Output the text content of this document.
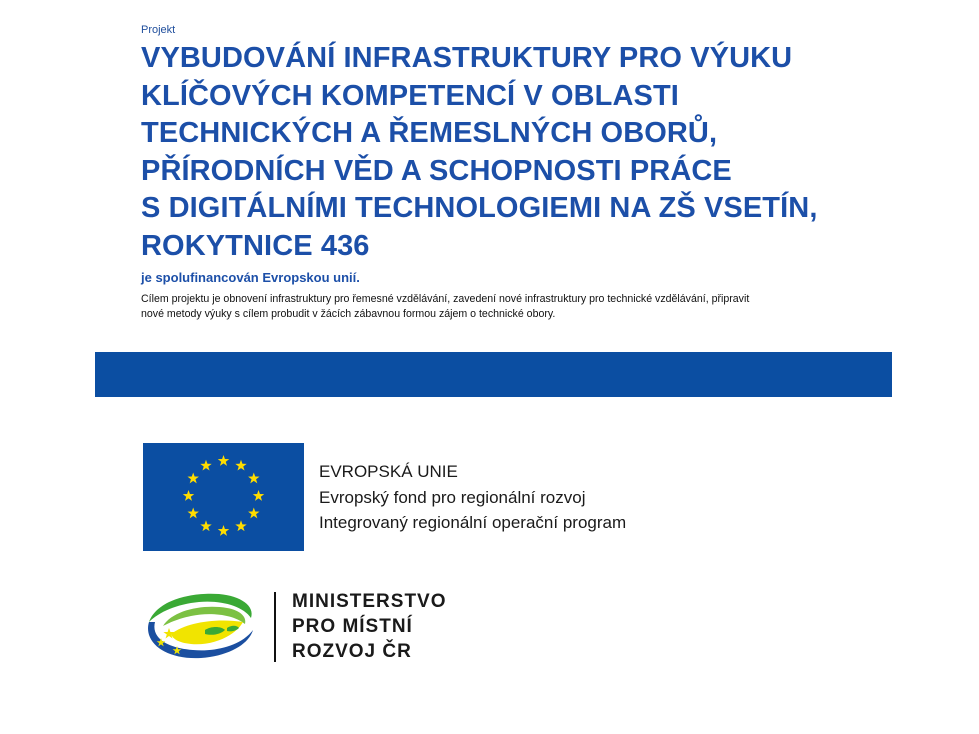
Projekt
VYBUDOVÁNÍ INFRASTRUKTURY PRO VÝUKU
KLÍČOVÝCH KOMPETENCÍ V OBLASTI
TECHNICKÝCH A ŘEMESLNÝCH OBORŮ,
PŘÍRODNÍCH VĚD A SCHOPNOSTI PRÁCE
S DIGITÁLNÍMI TECHNOLOGIEMI NA ZŠ VSETÍN,
ROKYTNICE 436
je spolufinancován Evropskou unií.
Cílem projektu je obnovení infrastruktury pro řemesné vzdělávání, zavedení nové infrastruktury pro technické vzdělávání, připravit
nové metody výuky s cílem probudit v žácích zábavnou formou zájem o technické obory.
EVROPSKÁ UNIE
Evropský fond pro regionální rozvoj
Integrovaný regionální operační program
MINISTERSTVO
PRO MÍSTNÍ
ROZVOJ ČR
